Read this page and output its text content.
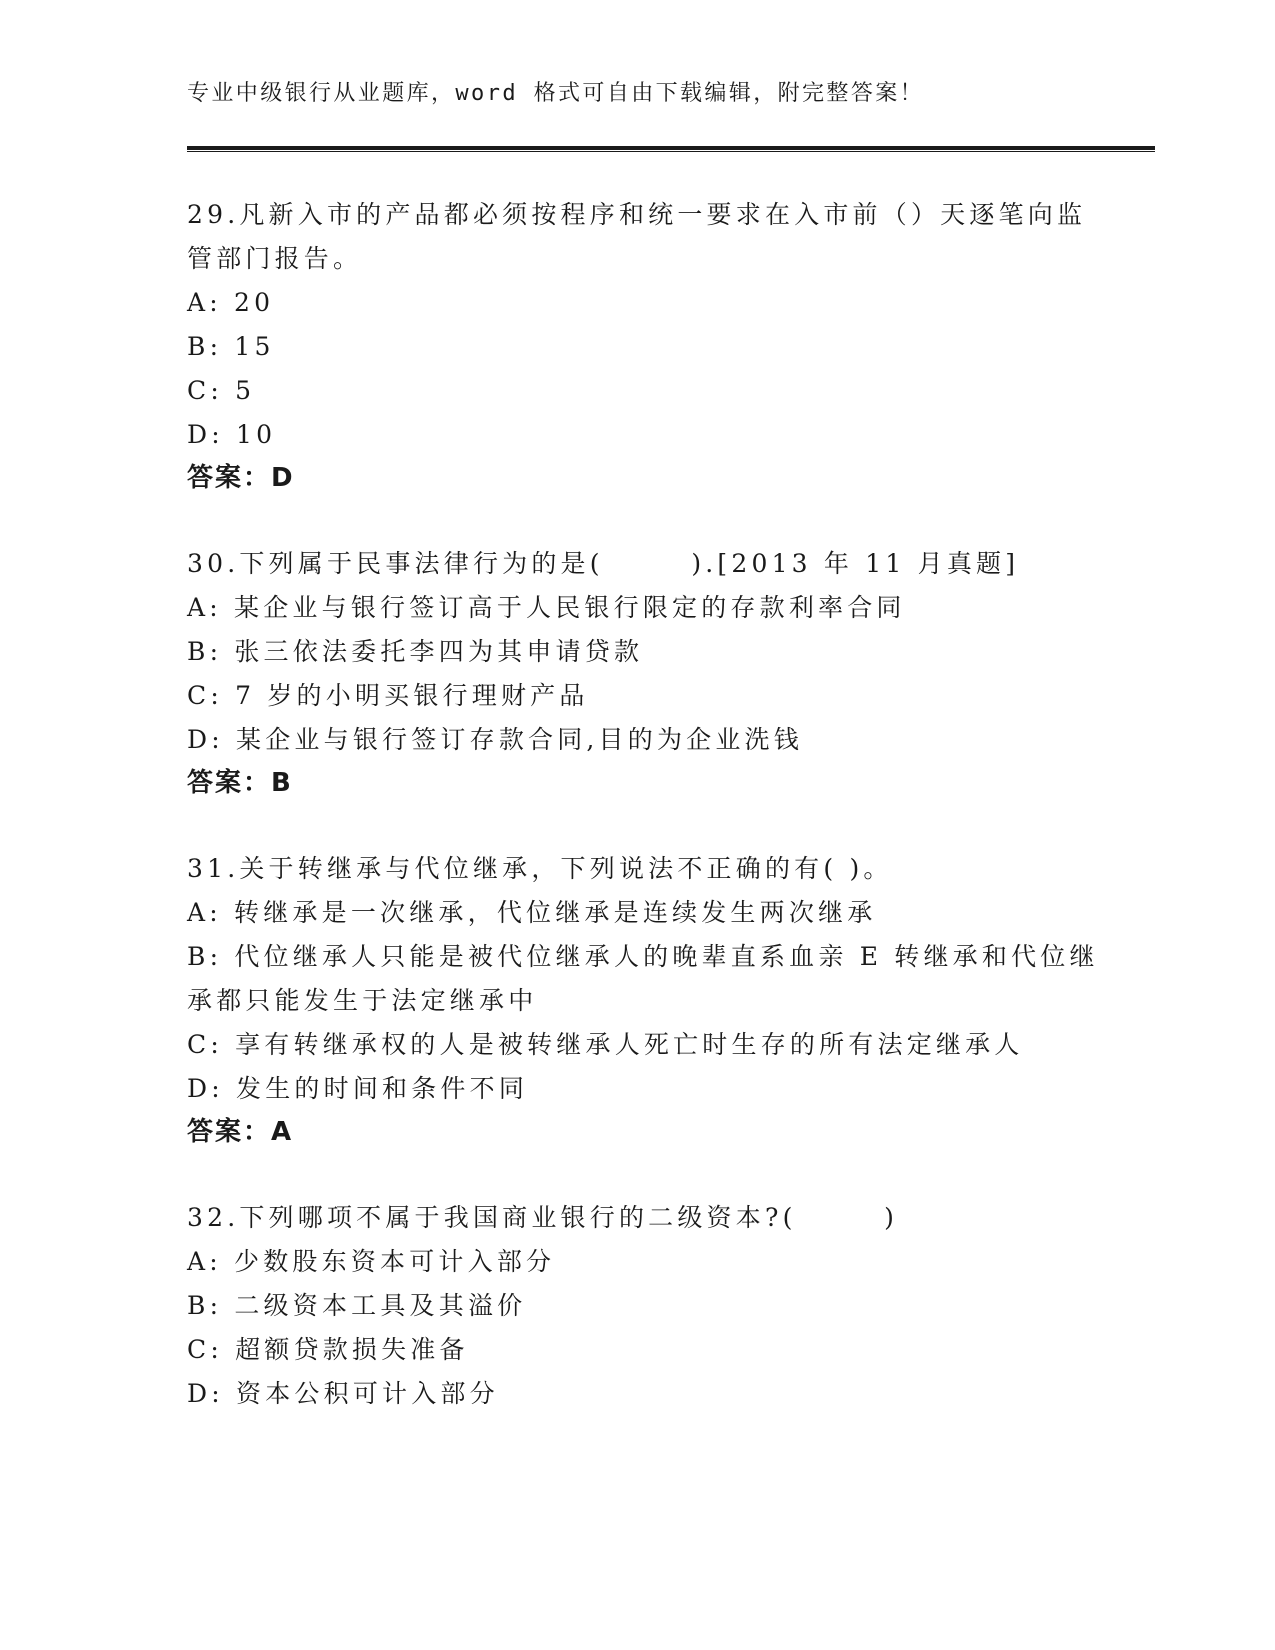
专业中级银行从业题库，word 格式可自由下载编辑，附完整答案！
29.凡新入市的产品都必须按程序和统一要求在入市前（）天逐笔向监
管部门报告。
A: 20
B: 15
C: 5
D: 10
答案：D
30.下列属于民事法律行为的是(　　　).[2013 年 11 月真题]
A: 某企业与银行签订高于人民银行限定的存款利率合同
B: 张三依法委托李四为其申请贷款
C: 7 岁的小明买银行理财产品
D: 某企业与银行签订存款合同,目的为企业洗钱
答案：B
31.关于转继承与代位继承，下列说法不正确的有( )。
A: 转继承是一次继承，代位继承是连续发生两次继承
B: 代位继承人只能是被代位继承人的晚辈直系血亲 E 转继承和代位继
承都只能发生于法定继承中
C: 享有转继承权的人是被转继承人死亡时生存的所有法定继承人
D: 发生的时间和条件不同
答案：A
32.下列哪项不属于我国商业银行的二级资本?(　　　)
A: 少数股东资本可计入部分
B: 二级资本工具及其溢价
C: 超额贷款损失准备
D: 资本公积可计入部分
